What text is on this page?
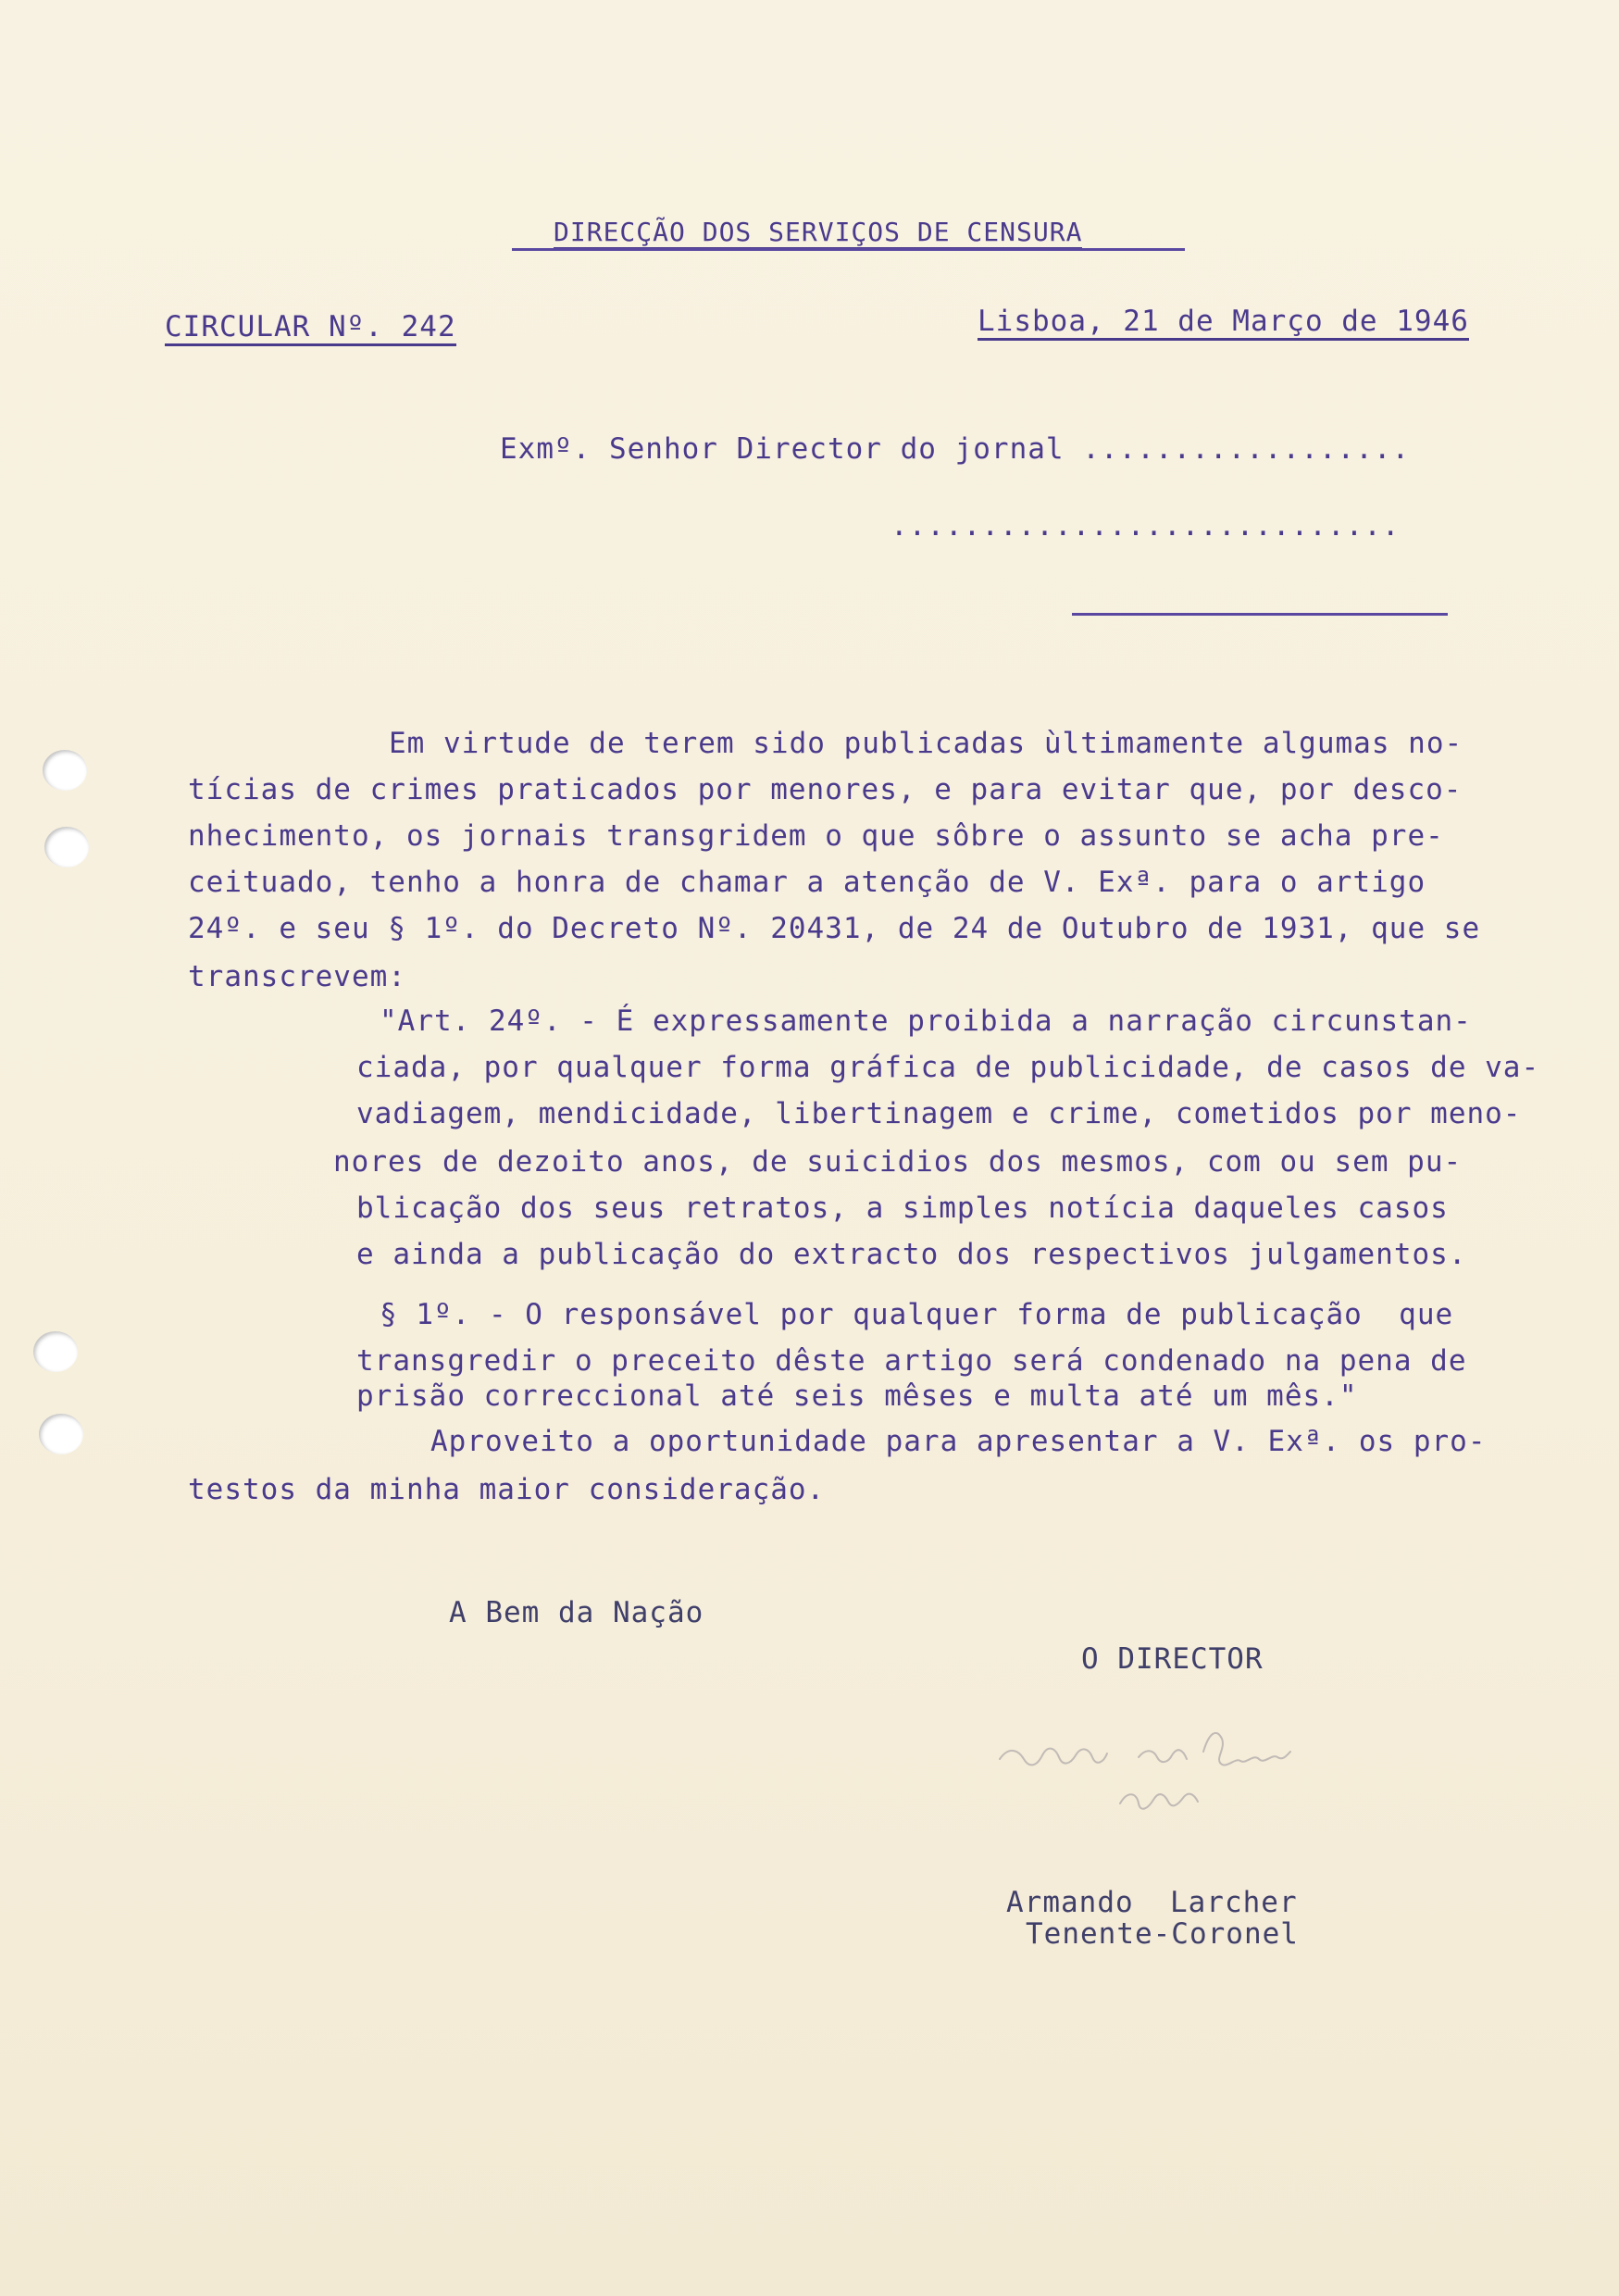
DIRECÇÃO DOS SERVIÇOS DE CENSURA
CIRCULAR Nº. 242	Lisboa, 21 de Março de 1946
Exmº. Senhor Director do jornal ..................
............................
Em virtude de terem sido publicadas ùltimamente algumas no-
tícias de crimes praticados por menores, e para evitar que, por desco-
nhecimento, os jornais transgridem o que sôbre o assunto se acha pre-
ceituado, tenho a honra de chamar a atenção de V. Exª. para o artigo
24º. e seu § 1º. do Decreto Nº. 20431, de 24 de Outubro de 1931, que se
transcrevem:
"Art. 24º. - É expressamente proibida a narração circunstan-
ciada, por qualquer forma gráfica de publicidade, de casos de va-
vadiagem, mendicidade, libertinagem e crime, cometidos por meno-
nores de dezoito anos, de suicidios dos mesmos, com ou sem pu-
blicação dos seus retratos, a simples notícia daqueles casos
e ainda a publicação do extracto dos respectivos julgamentos.
§ 1º. - O responsável por qualquer forma de publicação  que
transgredir o preceito dêste artigo será condenado na pena de
prisão correccional até seis mêses e multa até um mês."
Aproveito a oportunidade para apresentar a V. Exª. os pro-
testos da minha maior consideração.
A Bem da Nação
O DIRECTOR
Armando  Larcher
Tenente-Coronel
